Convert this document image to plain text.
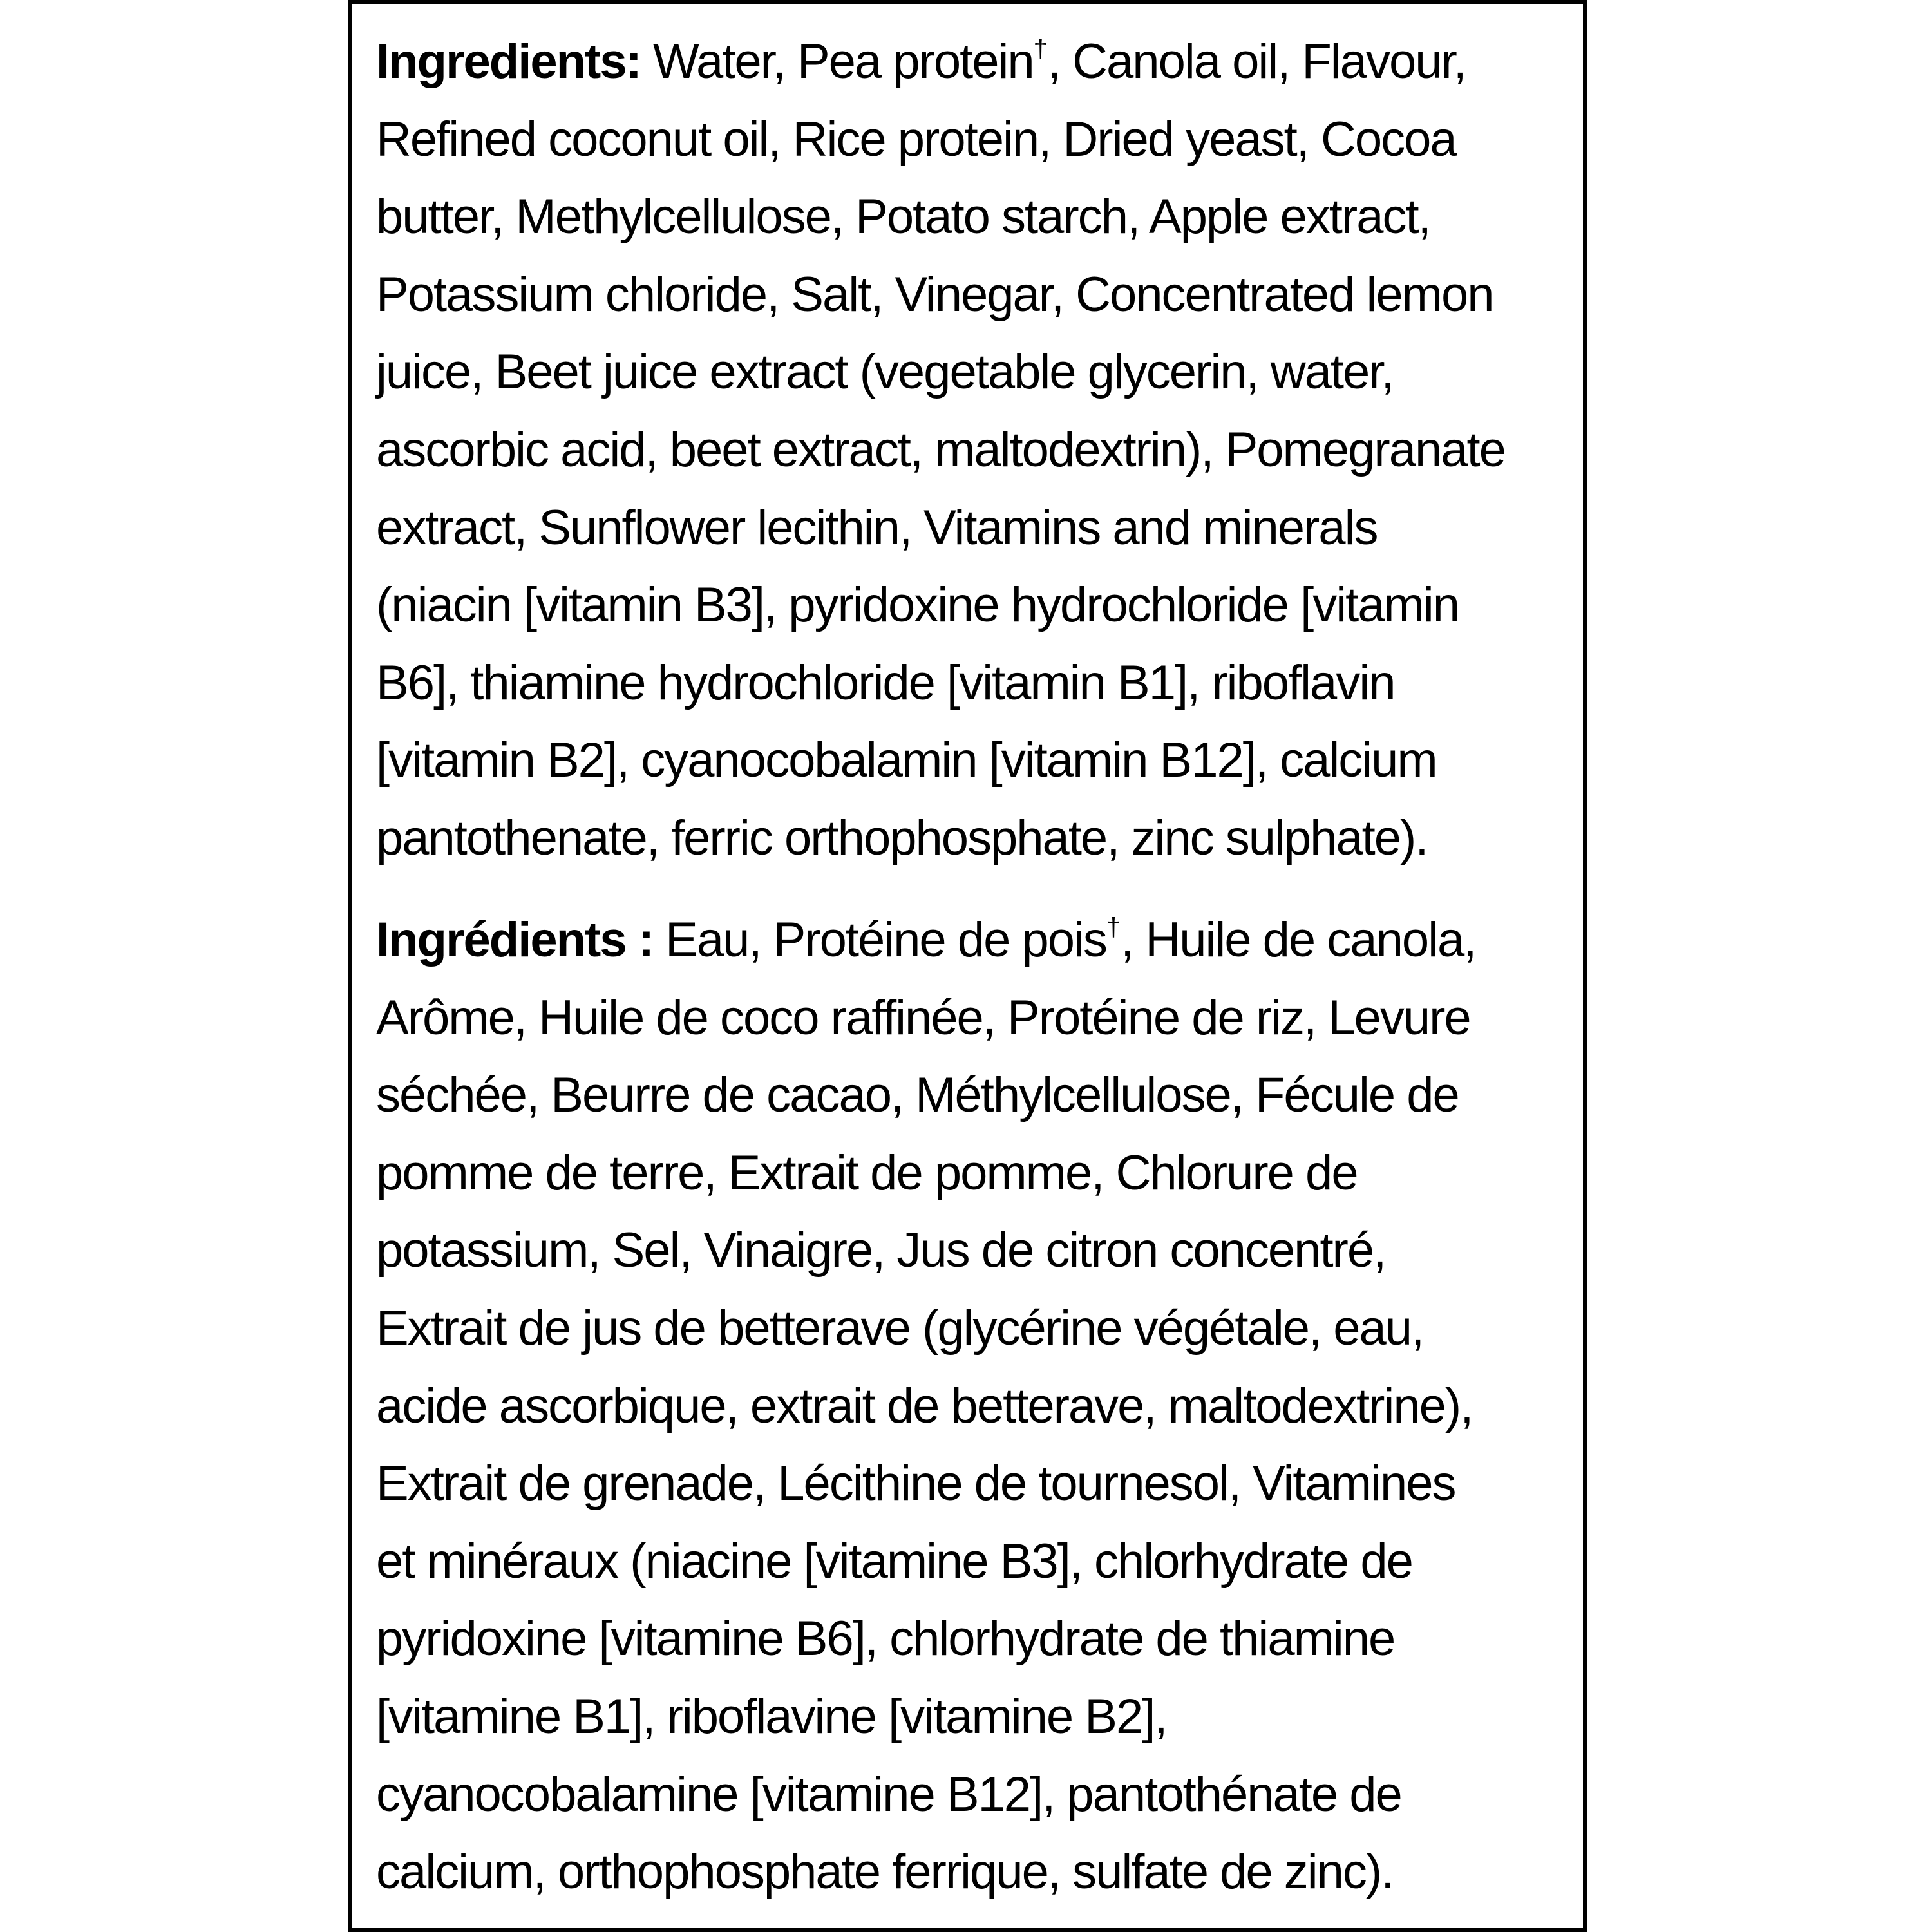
Ingredients: Water, Pea protein†, Canola oil, Flavour,
Refined coconut oil, Rice protein, Dried yeast, Cocoa
butter, Methylcellulose, Potato starch, Apple extract,
Potassium chloride, Salt, Vinegar, Concentrated lemon
juice, Beet juice extract (vegetable glycerin, water,
ascorbic acid, beet extract, maltodextrin), Pomegranate
extract, Sunflower lecithin, Vitamins and minerals
(niacin [vitamin B3], pyridoxine hydrochloride [vitamin
B6], thiamine hydrochloride [vitamin B1], riboflavin
[vitamin B2], cyanocobalamin [vitamin B12], calcium
pantothenate, ferric orthophosphate, zinc sulphate).
Ingrédients : Eau, Protéine de pois†, Huile de canola,
Arôme, Huile de coco raffinée, Protéine de riz, Levure
séchée, Beurre de cacao, Méthylcellulose, Fécule de
pomme de terre, Extrait de pomme, Chlorure de
potassium, Sel, Vinaigre, Jus de citron concentré,
Extrait de jus de betterave (glycérine végétale, eau,
acide ascorbique, extrait de betterave, maltodextrine),
Extrait de grenade, Lécithine de tournesol, Vitamines
et minéraux (niacine [vitamine B3], chlorhydrate de
pyridoxine [vitamine B6], chlorhydrate de thiamine
[vitamine B1], riboflavine [vitamine B2],
cyanocobalamine [vitamine B12], pantothénate de
calcium, orthophosphate ferrique, sulfate de zinc).
